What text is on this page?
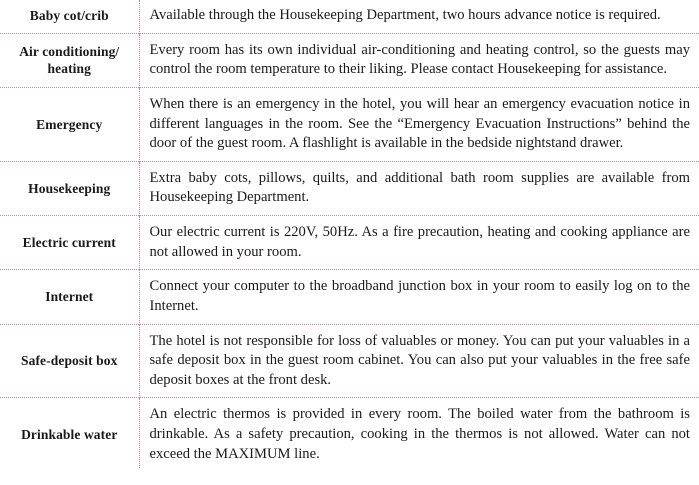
Baby cot/crib	Available through the Housekeeping Department, two hours advance notice is required.

Air conditioning/ heating	Every room has its own individual air-conditioning and heating control, so the guests may control the room temperature to their liking. Please contact Housekeeping for assistance.

Emergency	When there is an emergency in the hotel, you will hear an emergency evacuation notice in different languages in the room. See the “Emergency Evacuation Instructions” behind the door of the guest room. A flashlight is available in the bedside nightstand drawer.

Housekeeping	Extra baby cots, pillows, quilts, and additional bath room supplies are available from Housekeeping Department.

Electric current	Our electric current is 220V, 50Hz. As a fire precaution, heating and cooking appliance are not allowed in your room.

Internet	Connect your computer to the broadband junction box in your room to easily log on to the Internet.

Safe-deposit box	The hotel is not responsible for loss of valuables or money. You can put your valuables in a safe deposit box in the guest room cabinet. You can also put your valuables in the free safe deposit boxes at the front desk.

Drinkable water	An electric thermos is provided in every room. The boiled water from the bathroom is drinkable. As a safety precaution, cooking in the thermos is not allowed. Water can not exceed the MAXIMUM line.
